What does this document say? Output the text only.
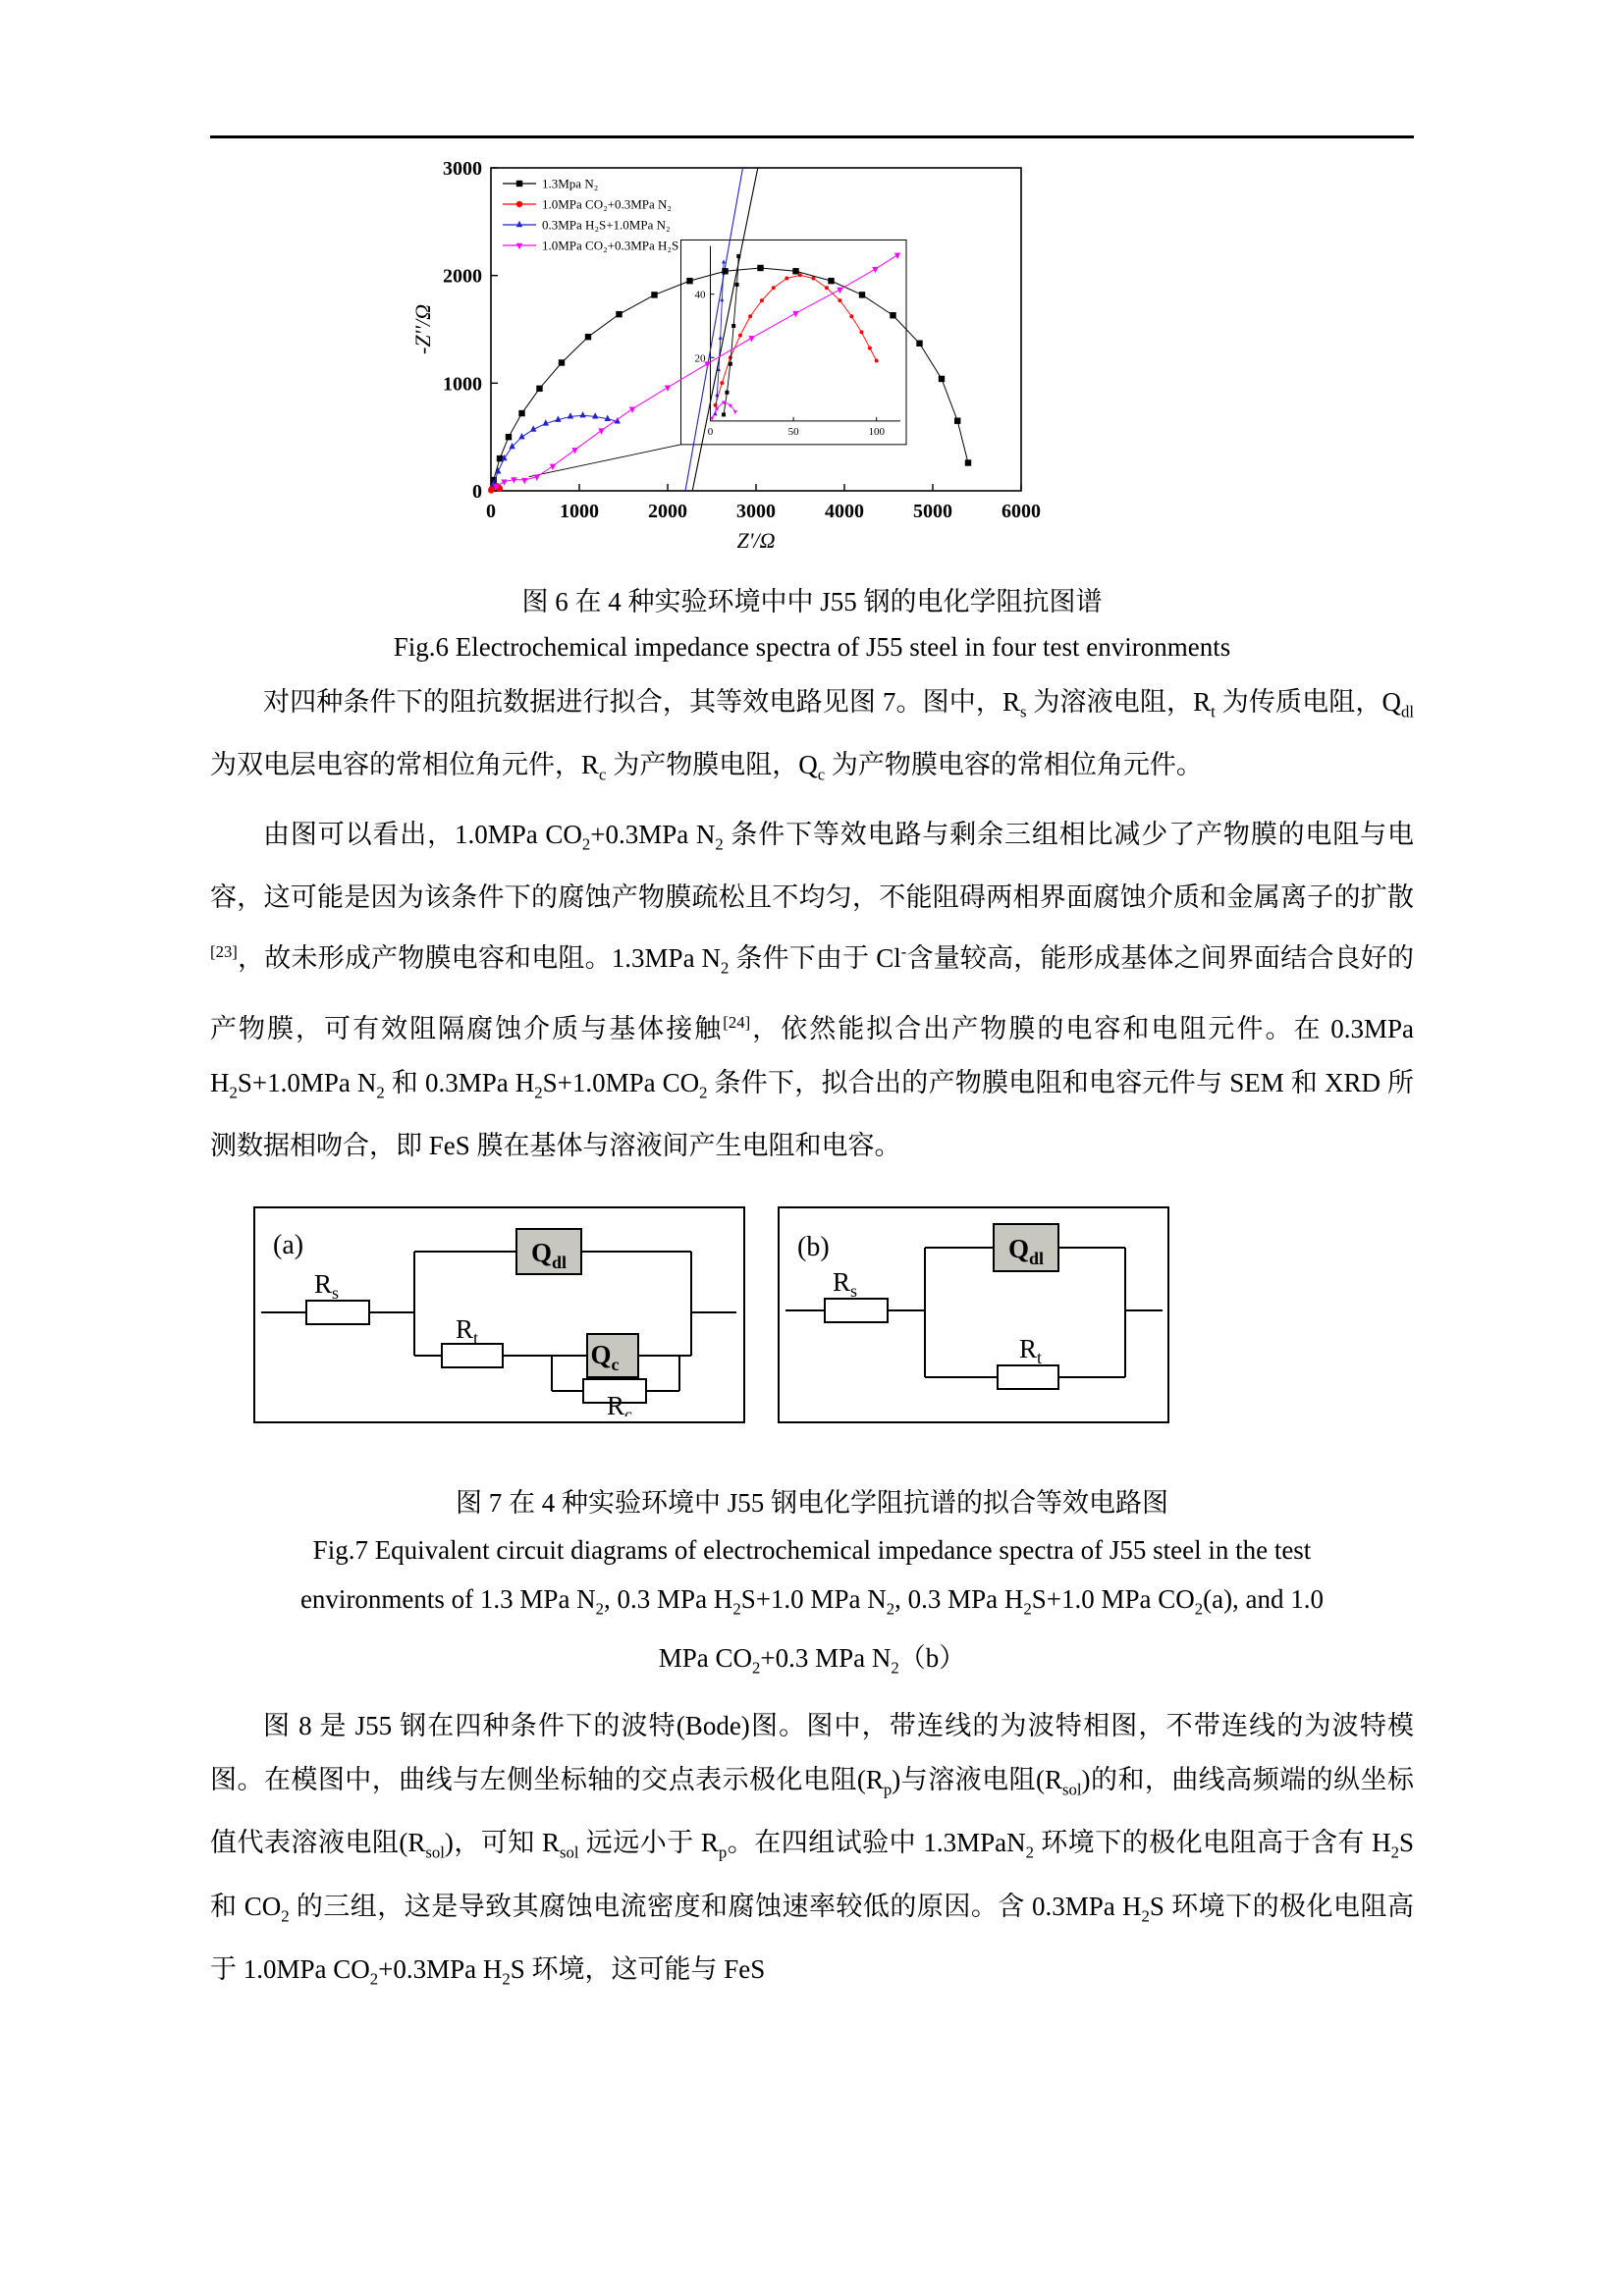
0	1000	2000	3000	4000	5000	6000
0
1000
2000
3000
Z'/Ω
-Z''/Ω
0	50	100
20
40
1.3Mpa N₂
1.0MPa CO₂+0.3MPa N₂
0.3MPa H₂S+1.0MPa N₂
1.0MPa CO₂+0.3MPa H₂S
图 6 在 4 种实验环境中中 J55 钢的电化学阻抗图谱
Fig.6 Electrochemical impedance spectra of J55 steel in four test environments

对四种条件下的阻抗数据进行拟合，其等效电路见图 7。图中，$R_s$ 为溶液电阻，$R_t$ 为传质电阻，$Q_{dl}$ 为双电层电容的常相位角元件，$R_c$ 为产物膜电阻，$Q_c$ 为产物膜电容的常相位角元件。

由图可以看出，1.0MPa $CO_2+0.3MPa$ $N_2$ 条件下等效电路与剩余三组相比减少了产物膜的电阻与电容，这可能是因为该条件下的腐蚀产物膜疏松且不均匀，不能阻碍两相界面腐蚀介质和金属离子的扩散[23]，故未形成产物膜电容和电阻。1.3MPa $N_2$ 条件下由于 Cl-含量较高，能形成基体之间界面结合良好的产物膜，可有效阻隔腐蚀介质与基体接触[24]，依然能拟合出产物膜的电容和电阻元件。在 0.3MPa $H_2S+1.0MPa$ $N_2$ 和 0.3MPa $H_2S+1.0MPa$ $CO_2$ 条件下，拟合出的产物膜电阻和电容元件与 SEM 和 XRD 所测数据相吻合，即 FeS 膜在基体与溶液间产生电阻和电容。

(a)
$R_s$
$Q_{dl}$
$R_t$
$Q_c$
$R_c$
(b)
$R_s$
$Q_{dl}$
$R_t$
图 7 在 4 种实验环境中 J55 钢电化学阻抗谱的拟合等效电路图
Fig.7 Equivalent circuit diagrams of electrochemical impedance spectra of J55 steel in the test
environments of 1.3 MPa $N_2$, 0.3 MPa $H_2S+1.0$ MPa $N_2$, 0.3 MPa $H_2S+1.0$ MPa $CO_2(a)$, and 1.0
MPa $CO_2+0.3$ MPa $N_2(b)$

图 8 是 J55 钢在四种条件下的波特(Bode)图。图中，带连线的为波特相图，不带连线的为波特模图。在模图中，曲线与左侧坐标轴的交点表示极化电阻$(R_p)$与溶液电阻$(R_{sol})$的和，曲线高频端的纵坐标值代表溶液电阻$(R_{sol})$，可知 $R_{sol}$ 远远小于 $R_p$。在四组试验中 1.3MPaN$_2$ 环境下的极化电阻高于含有 $H_2S$ 和 $CO_2$ 的三组，这是导致其腐蚀电流密度和腐蚀速率较低的原因。含 0.3MPa $H_2S$ 环境下的极化电阻高于 1.0MPa $CO_2+0.3MPa$ $H_2S$ 环境，这可能与 FeS
